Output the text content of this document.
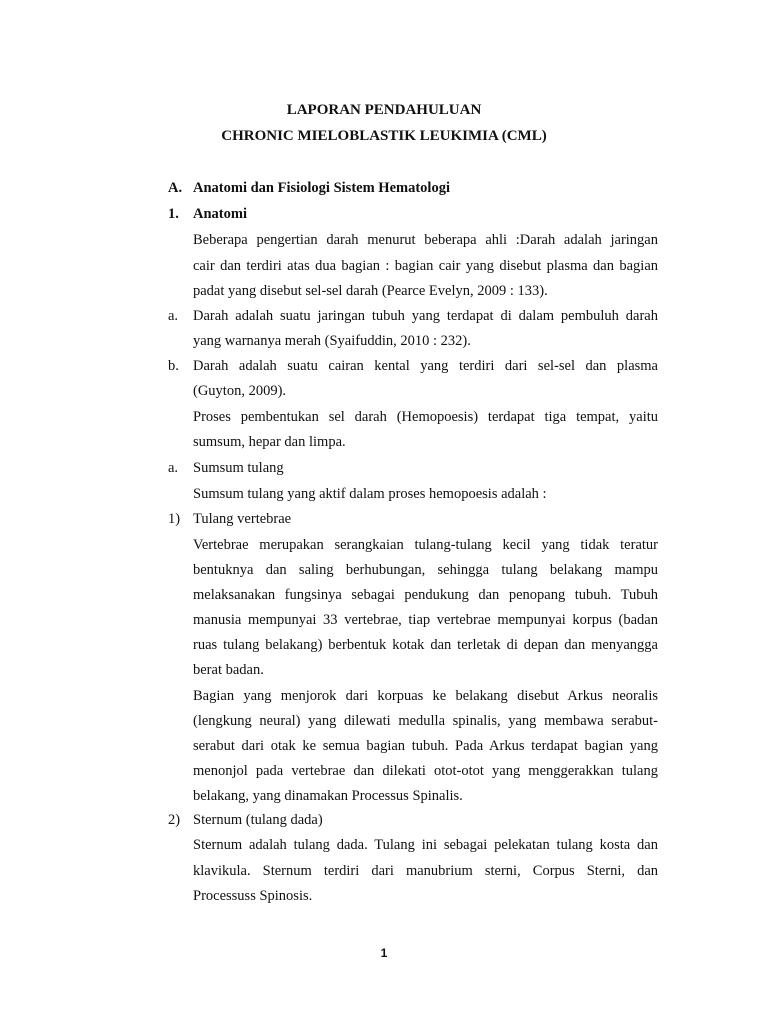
LAPORAN PENDAHULUAN
CHRONIC MIELOBLASTIK LEUKIMIA (CML)
A. Anatomi dan Fisiologi Sistem Hematologi
1. Anatomi
Beberapa pengertian darah menurut beberapa ahli :Darah adalah jaringan
cair dan terdiri atas dua bagian : bagian cair yang disebut plasma dan bagian
padat yang disebut sel-sel darah (Pearce Evelyn, 2009 : 133).
a. Darah adalah suatu jaringan tubuh yang terdapat di dalam pembuluh darah
yang warnanya merah (Syaifuddin, 2010 : 232).
b. Darah adalah suatu cairan kental yang terdiri dari sel-sel dan plasma
(Guyton, 2009).
Proses pembentukan sel darah (Hemopoesis) terdapat tiga tempat, yaitu
sumsum, hepar dan limpa.
a. Sumsum tulang
Sumsum tulang yang aktif dalam proses hemopoesis adalah :
1) Tulang vertebrae
Vertebrae merupakan serangkaian tulang-tulang kecil yang tidak teratur
bentuknya dan saling berhubungan, sehingga tulang belakang mampu
melaksanakan fungsinya sebagai pendukung dan penopang tubuh. Tubuh
manusia mempunyai 33 vertebrae, tiap vertebrae mempunyai korpus (badan
ruas tulang belakang) berbentuk kotak dan terletak di depan dan menyangga
berat badan.
Bagian yang menjorok dari korpuas ke belakang disebut Arkus neoralis
(lengkung neural) yang dilewati medulla spinalis, yang membawa serabut-
serabut dari otak ke semua bagian tubuh. Pada Arkus terdapat bagian yang
menonjol pada vertebrae dan dilekati otot-otot yang menggerakkan tulang
belakang, yang dinamakan Processus Spinalis.
2) Sternum (tulang dada)
Sternum adalah tulang dada. Tulang ini sebagai pelekatan tulang kosta dan
klavikula. Sternum terdiri dari manubrium sterni, Corpus Sterni, dan
Processuss Spinosis.
1
